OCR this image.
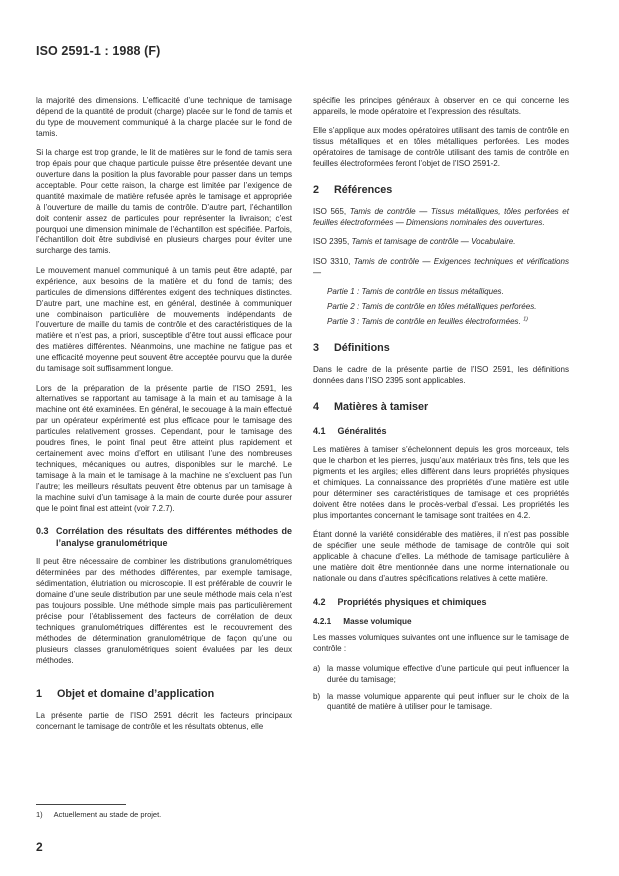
ISO 2591-1 : 1988 (F)

la majorité des dimensions. L’efficacité d’une technique de tamisage dépend de la quantité de produit (charge) placée sur le fond de tamis et du type de mouvement communiqué à la charge placée sur le fond de tamis.

Si la charge est trop grande, le lit de matières sur le fond de tamis sera trop épais pour que chaque particule puisse être présentée devant une ouverture dans la position la plus favorable pour passer dans un temps acceptable. Pour cette raison, la charge est limitée par l’exigence de quantité maximale de matière refusée après le tamisage et appropriée à l’ouverture de maille du tamis de contrôle. D’autre part, l’échantillon doit contenir assez de particules pour représenter la livraison; c’est pourquoi une dimension minimale de l’échantillon est spécifiée. Parfois, l’échantillon doit être subdivisé en plusieurs charges pour éviter une surcharge des tamis.

Le mouvement manuel communiqué à un tamis peut être adapté, par expérience, aux besoins de la matière et du fond de tamis; des particules de dimensions différentes exigent des techniques distinctes. D’autre part, une machine est, en général, destinée à communiquer une combinaison particulière de mouvements indépendants de l’ouverture de maille du tamis de contrôle et des caractéristiques de la matière et n’est pas, a priori, susceptible d’être tout aussi efficace pour des matières différentes. Néanmoins, une machine ne fatigue pas et une efficacité moyenne peut souvent être acceptée pourvu que la durée du tamisage soit suffisamment longue.

Lors de la préparation de la présente partie de l’ISO 2591, les alternatives se rapportant au tamisage à la main et au tamisage à la machine ont été examinées. En général, le secouage à la main effectué par un opérateur expérimenté est plus efficace pour le tamisage des particules relativement grosses. Cependant, pour le tamisage des poudres fines, le point final peut être atteint plus rapidement et certainement avec moins d’effort en utilisant l’une des nombreuses techniques, mécaniques ou autres, disponibles sur le marché. Le tamisage à la main et le tamisage à la machine ne s’excluent pas l’un l’autre; les meilleurs résultats peuvent être obtenus par un tamisage à la machine suivi d’un tamisage à la main de courte durée pour assurer que le point final est atteint (voir 7.2.7).

0.3 Corrélation des résultats des différentes méthodes de l’analyse granulométrique

Il peut être nécessaire de combiner les distributions granulométriques déterminées par des méthodes différentes, par exemple tamisage, sédimentation, élutriation ou microscopie. Il est préférable de couvrir le domaine d’une seule distribution par une seule méthode mais cela n’est pas toujours possible. Une méthode simple mais pas particulièrement précise pour l’établissement des facteurs de corrélation de deux techniques granulométriques différentes est le recouvrement des méthodes de détermination granulométrique de façon qu’une ou plusieurs classes granulométriques soient évaluées par les deux méthodes.

1 Objet et domaine d’application

La présente partie de l’ISO 2591 décrit les facteurs principaux concernant le tamisage de contrôle et les résultats obtenus, elle

spécifie les principes généraux à observer en ce qui concerne les appareils, le mode opératoire et l’expression des résultats.

Elle s’applique aux modes opératoires utilisant des tamis de contrôle en tissus métalliques et en tôles métalliques perforées. Les modes opératoires de tamisage de contrôle utilisant des tamis de contrôle en feuilles électroformées feront l’objet de l’ISO 2591-2.

2 Références

ISO 565, Tamis de contrôle — Tissus métalliques, tôles perforées et feuilles électroformées — Dimensions nominales des ouvertures.

ISO 2395, Tamis et tamisage de contrôle — Vocabulaire.

ISO 3310, Tamis de contrôle — Exigences techniques et vérifications —

Partie 1 : Tamis de contrôle en tissus métalliques.

Partie 2 : Tamis de contrôle en tôles métalliques perforées.

Partie 3 : Tamis de contrôle en feuilles électroformées. $^{1)}$

3 Définitions

Dans le cadre de la présente partie de l’ISO 2591, les définitions données dans l’ISO 2395 sont applicables.

4 Matières à tamiser
4.1 Généralités

Les matières à tamiser s’échelonnent depuis les gros morceaux, tels que le charbon et les pierres, jusqu’aux matériaux très fins, tels que les pigments et les argiles; elles diffèrent dans leurs propriétés physiques et chimiques. La connaissance des propriétés d’une matière est utile pour déterminer ses caractéristiques de tamisage et ces propriétés doivent être notées dans le procès-verbal d’essai. Les propriétés les plus importantes concernant le tamisage sont traitées en 4.2.

Étant donné la variété considérable des matières, il n’est pas possible de spécifier une seule méthode de tamisage de contrôle qui soit applicable à chacune d’elles. La méthode de tamisage particulière à une matière doit être mentionnée dans une norme internationale ou nationale ou dans d’autres spécifications relatives à cette matière.

4.2 Propriétés physiques et chimiques
4.2.1 Masse volumique

Les masses volumiques suivantes ont une influence sur le tamisage de contrôle :

a) la masse volumique effective d’une particule qui peut influencer la durée du tamisage;

b) la masse volumique apparente qui peut influer sur le choix de la quantité de matière à utiliser pour le tamisage.

1) Actuellement au stade de projet.
2
